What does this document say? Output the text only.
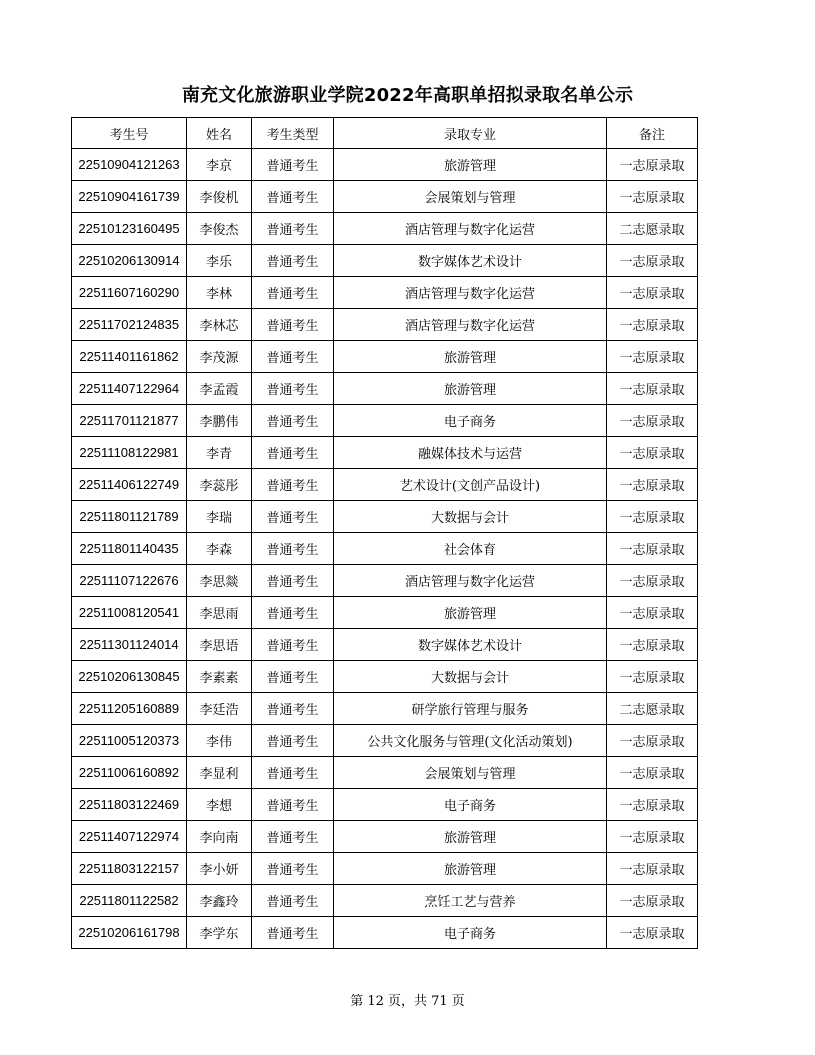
南充文化旅游职业学院2022年高职单招拟录取名单公示
考生号	姓名	考生类型	录取专业	备注
22510904121263	李京	普通考生	旅游管理	一志原录取
22510904161739	李俊机	普通考生	会展策划与管理	一志原录取
22510123160495	李俊杰	普通考生	酒店管理与数字化运营	二志愿录取
22510206130914	李乐	普通考生	数字媒体艺术设计	一志原录取
22511607160290	李林	普通考生	酒店管理与数字化运营	一志原录取
22511702124835	李林芯	普通考生	酒店管理与数字化运营	一志原录取
22511401161862	李茂源	普通考生	旅游管理	一志原录取
22511407122964	李孟霞	普通考生	旅游管理	一志原录取
22511701121877	李鹏伟	普通考生	电子商务	一志原录取
22511108122981	李青	普通考生	融媒体技术与运营	一志原录取
22511406122749	李蕊彤	普通考生	艺术设计(文创产品设计)	一志原录取
22511801121789	李瑞	普通考生	大数据与会计	一志原录取
22511801140435	李森	普通考生	社会体育	一志原录取
22511107122676	李思燚	普通考生	酒店管理与数字化运营	一志原录取
22511008120541	李思雨	普通考生	旅游管理	一志原录取
22511301124014	李思语	普通考生	数字媒体艺术设计	一志原录取
22510206130845	李素素	普通考生	大数据与会计	一志原录取
22511205160889	李廷浩	普通考生	研学旅行管理与服务	二志愿录取
22511005120373	李伟	普通考生	公共文化服务与管理(文化活动策划)	一志原录取
22511006160892	李显利	普通考生	会展策划与管理	一志原录取
22511803122469	李想	普通考生	电子商务	一志原录取
22511407122974	李向南	普通考生	旅游管理	一志原录取
22511803122157	李小妍	普通考生	旅游管理	一志原录取
22511801122582	李鑫玲	普通考生	烹饪工艺与营养	一志原录取
22510206161798	李学东	普通考生	电子商务	一志原录取
第 12 页，共 71 页
